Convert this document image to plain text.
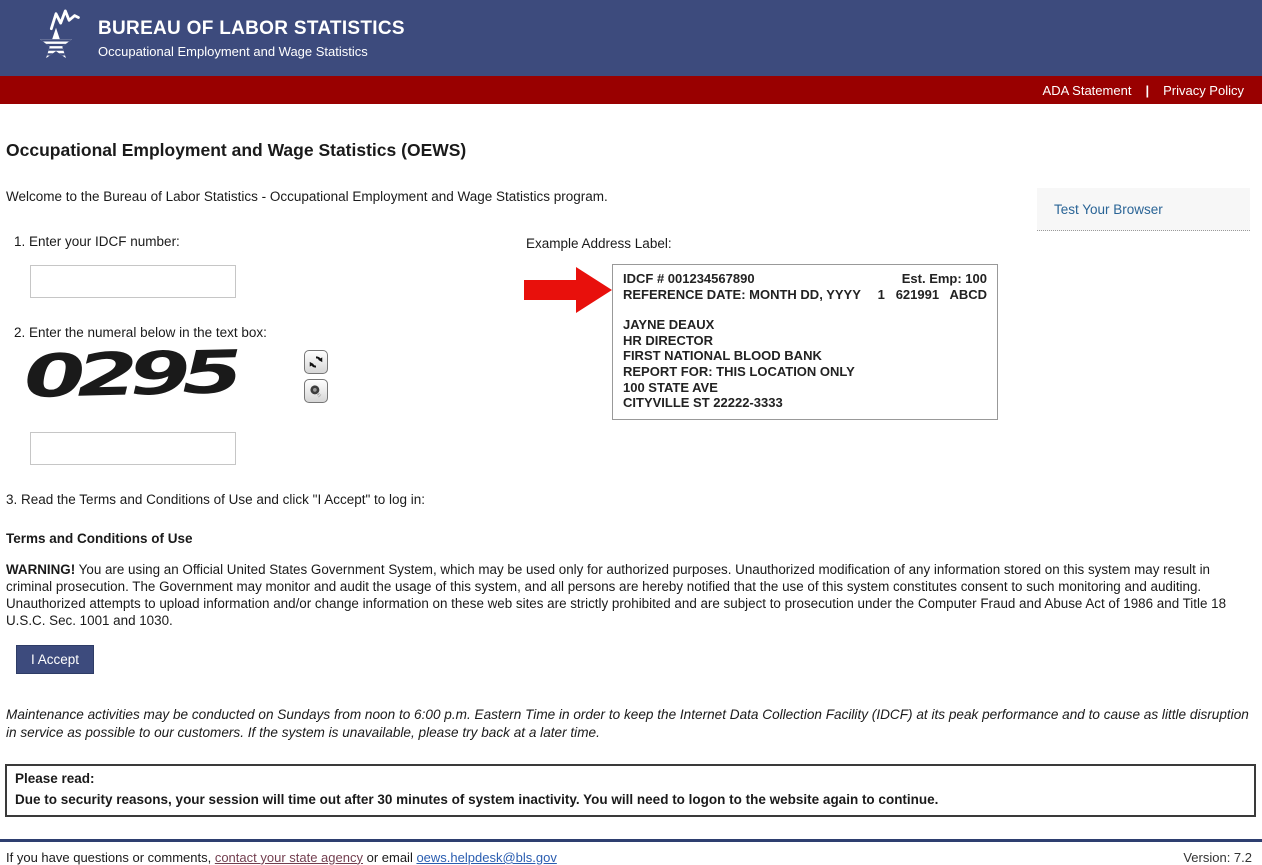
BUREAU OF LABOR STATISTICS
Occupational Employment and Wage Statistics
ADA Statement | Privacy Policy
Occupational Employment and Wage Statistics (OEWS)
Welcome to the Bureau of Labor Statistics - Occupational Employment and Wage Statistics program.
Test Your Browser
1. Enter your IDCF number:
2. Enter the numeral below in the text box:
0295
3. Read the Terms and Conditions of Use and click "I Accept" to log in:
Example Address Label:
IDCF # 001234567890	Est. Emp: 100
REFERENCE DATE: MONTH DD, YYYY 1   621991   ABCD
JAYNE DEAUX
HR DIRECTOR
FIRST NATIONAL BLOOD BANK
REPORT FOR: THIS LOCATION ONLY
100 STATE AVE
CITYVILLE ST 22222-3333
Terms and Conditions of Use

WARNING! You are using an Official United States Government System, which may be used only for authorized purposes. Unauthorized modification of any information stored on this system may result in criminal prosecution. The Government may monitor and audit the usage of this system, and all persons are hereby notified that the use of this system constitutes consent to such monitoring and auditing. Unauthorized attempts to upload information and/or change information on these web sites are strictly prohibited and are subject to prosecution under the Computer Fraud and Abuse Act of 1986 and Title 18 U.S.C. Sec. 1001 and 1030.

I Accept

Maintenance activities may be conducted on Sundays from noon to 6:00 p.m. Eastern Time in order to keep the Internet Data Collection Facility (IDCF) at its peak performance and to cause as little disruption in service as possible to our customers. If the system is unavailable, please try back at a later time.

Please read:
Due to security reasons, your session will time out after 30 minutes of system inactivity. You will need to logon to the website again to continue.
If you have questions or comments, contact your state agency or email oews.helpdesk@bls.gov	Version: 7.2
